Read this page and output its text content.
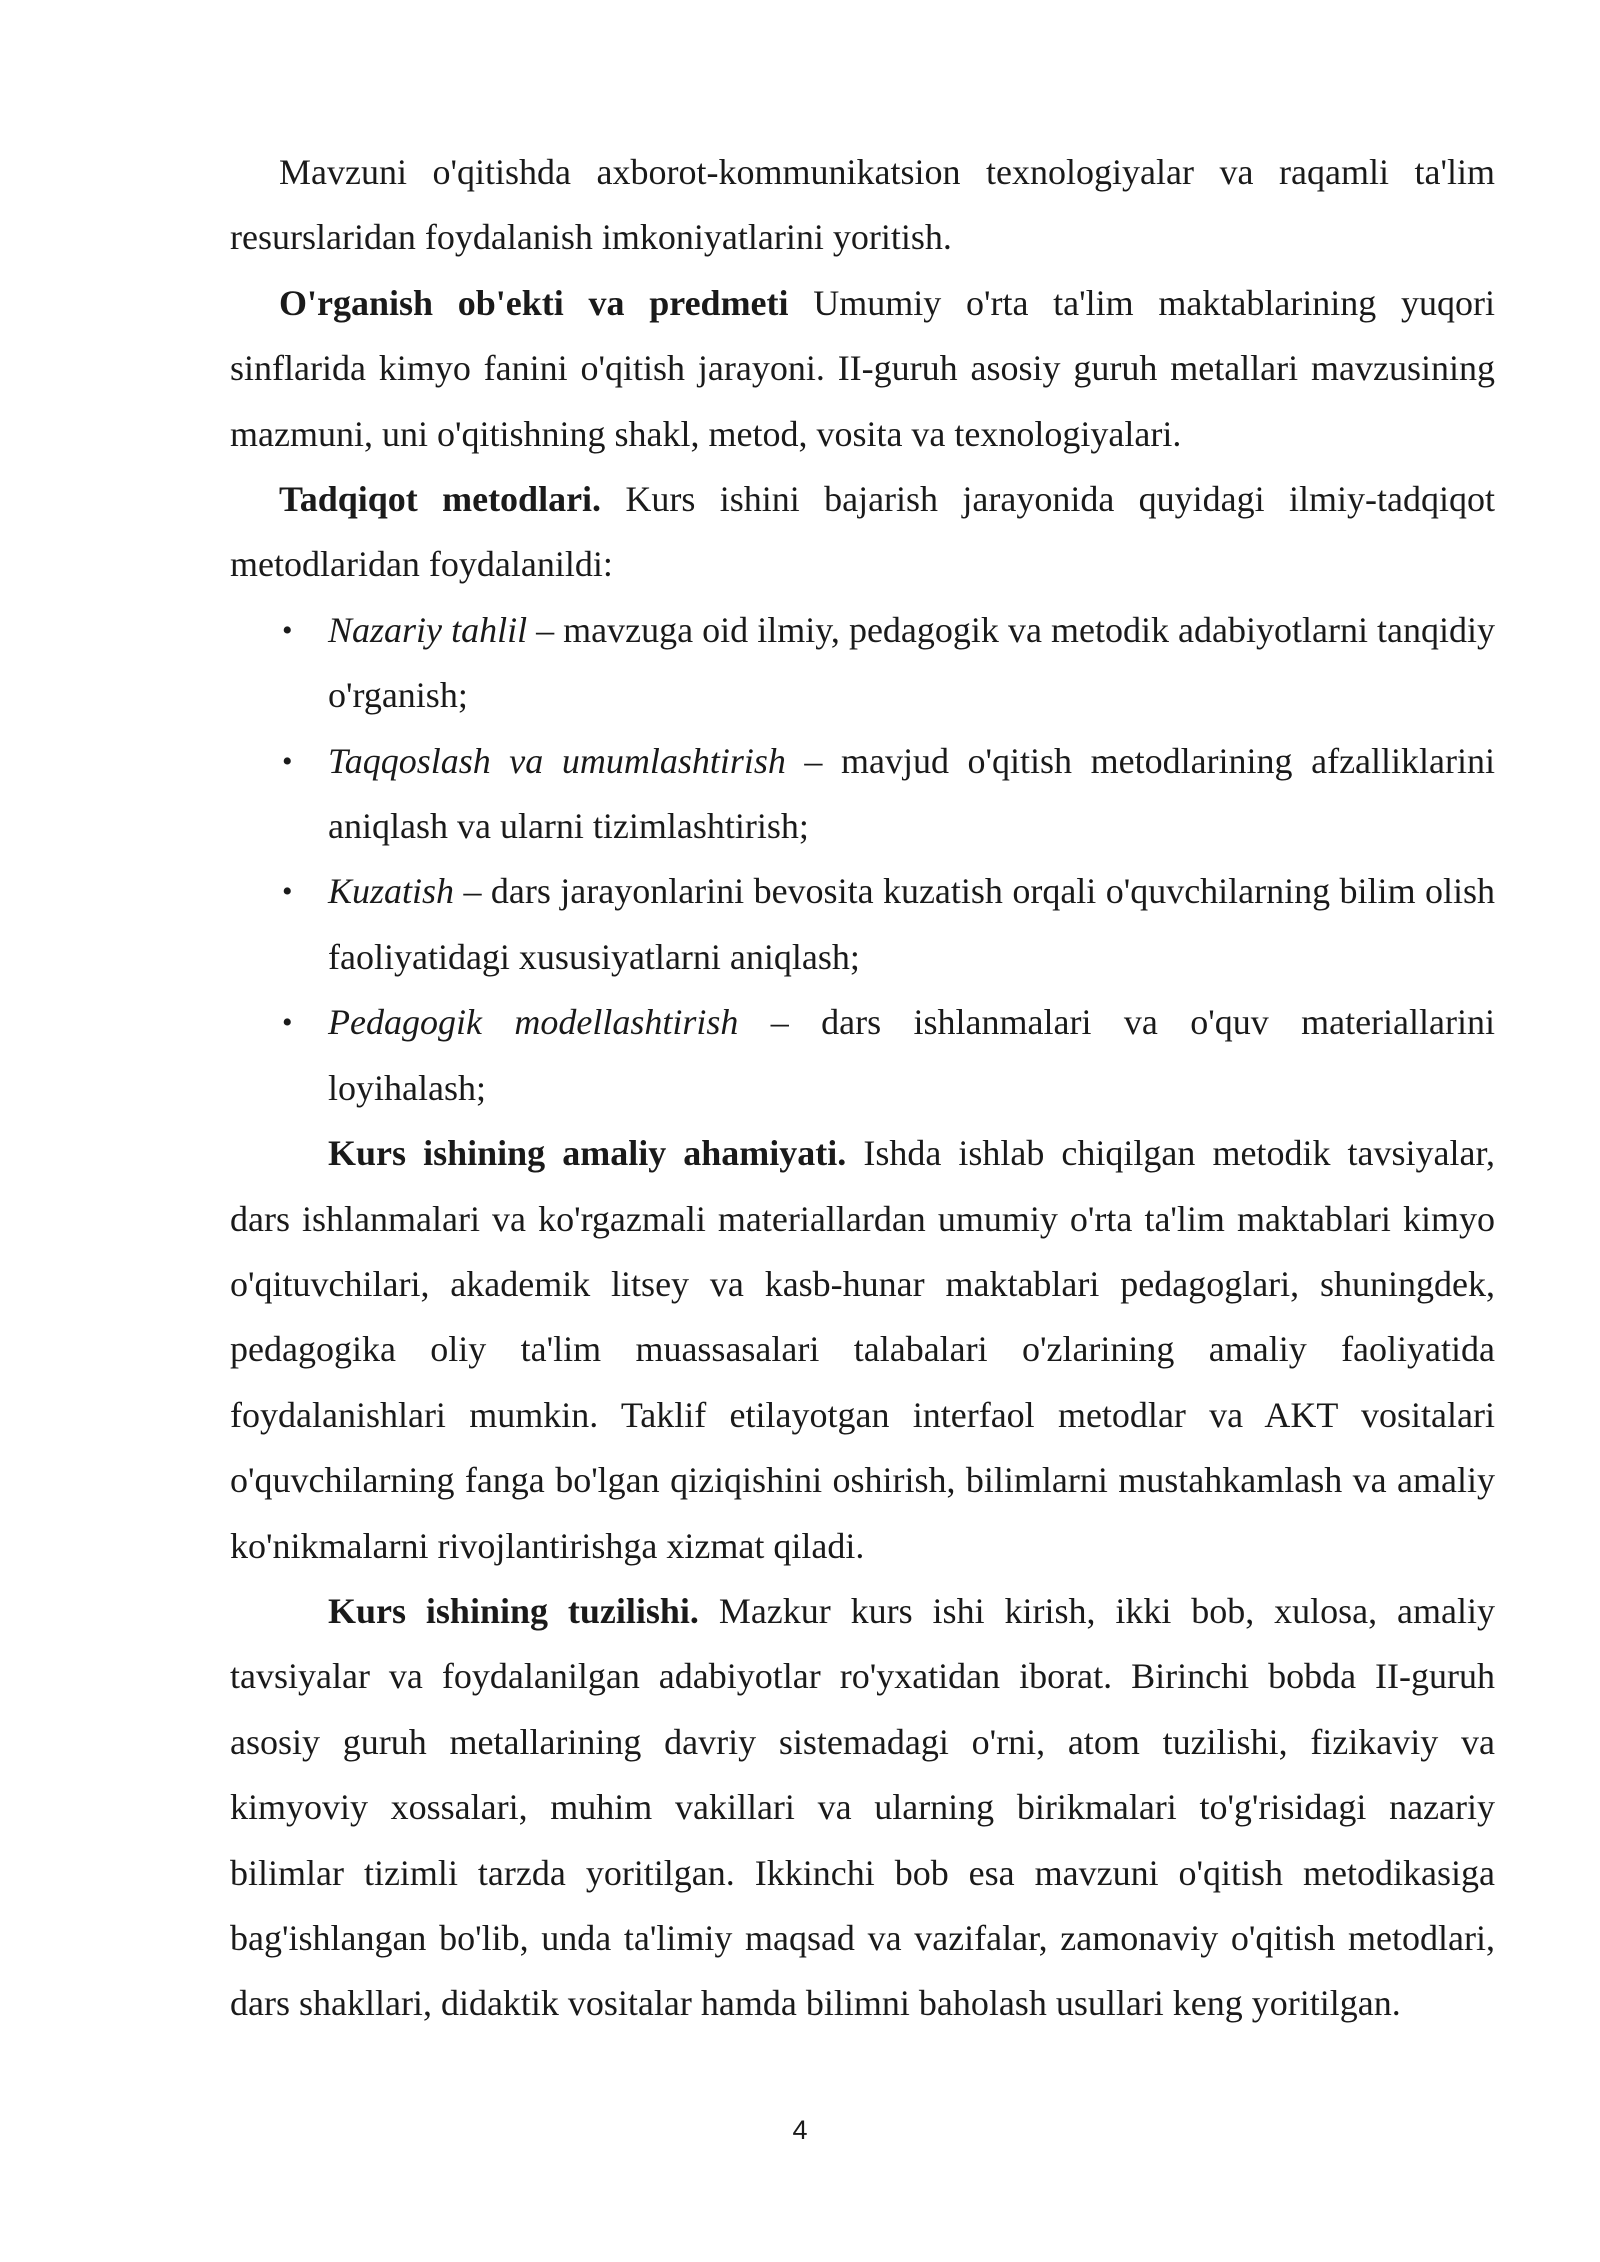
Mavzuni o'qitishda axborot-kommunikatsion texnologiyalar va raqamli ta'lim resurslaridan foydalanish imkoniyatlarini yoritish.

O'rganish ob'ekti va predmeti Umumiy o'rta ta'lim maktablarining yuqori sinflarida kimyo fanini o'qitish jarayoni. II-guruh asosiy guruh metallari mavzusining mazmuni, uni o'qitishning shakl, metod, vosita va texnologiyalari.

Tadqiqot metodlari. Kurs ishini bajarish jarayonida quyidagi ilmiy-tadqiqot metodlaridan foydalanildi:

• Nazariy tahlil – mavzuga oid ilmiy, pedagogik va metodik adabiyotlarni tanqidiy o'rganish;
• Taqqoslash va umumlashtirish – mavjud o'qitish metodlarining afzalliklarini aniqlash va ularni tizimlashtirish;
• Kuzatish – dars jarayonlarini bevosita kuzatish orqali o'quvchilarning bilim olish faoliyatidagi xususiyatlarni aniqlash;
• Pedagogik modellashtirish – dars ishlanmalari va o'quv materiallarini loyihalash;

Kurs ishining amaliy ahamiyati. Ishda ishlab chiqilgan metodik tavsiyalar, dars ishlanmalari va ko'rgazmali materiallardan umumiy o'rta ta'lim maktablari kimyo o'qituvchilari, akademik litsey va kasb-hunar maktablari pedagoglari, shuningdek, pedagogika oliy ta'lim muassasalari talabalari o'zlarining amaliy faoliyatida foydalanishlari mumkin. Taklif etilayotgan interfaol metodlar va AKT vositalari o'quvchilarning fanga bo'lgan qiziqishini oshirish, bilimlarni mustahkamlash va amaliy ko'nikmalarni rivojlantirishga xizmat qiladi.

Kurs ishining tuzilishi. Mazkur kurs ishi kirish, ikki bob, xulosa, amaliy tavsiyalar va foydalanilgan adabiyotlar ro'yxatidan iborat. Birinchi bobda II-guruh asosiy guruh metallarining davriy sistemadagi o'rni, atom tuzilishi, fizikaviy va kimyoviy xossalari, muhim vakillari va ularning birikmalari to'g'risidagi nazariy bilimlar tizimli tarzda yoritilgan. Ikkinchi bob esa mavzuni o'qitish metodikasiga bag'ishlangan bo'lib, unda ta'limiy maqsad va vazifalar, zamonaviy o'qitish metodlari, dars shakllari, didaktik vositalar hamda bilimni baholash usullari keng yoritilgan.

4
